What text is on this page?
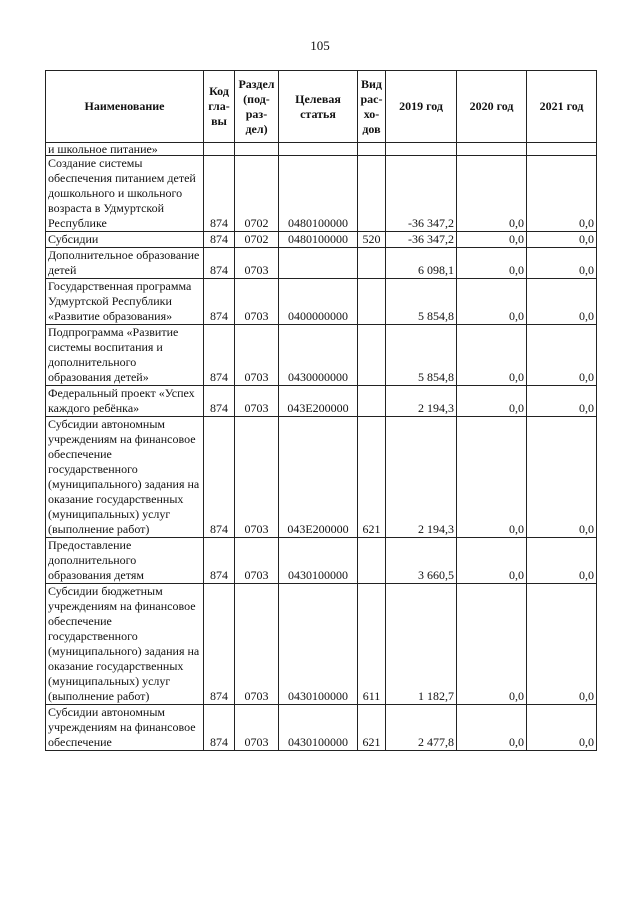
105
Наименование	Код гла-вы	Раздел (под-раз-дел)	Целевая статья	Вид рас-хо-дов	2019 год	2020 год	2021 год
и школьное питание»							
Создание системы обеспечения питанием детей дошкольного и школьного возраста в Удмуртской Республике	874	0702	0480100000		-36 347,2	0,0	0,0
Субсидии	874	0702	0480100000	520	-36 347,2	0,0	0,0
Дополнительное образование детей	874	0703			6 098,1	0,0	0,0
Государственная программа Удмуртской Республики «Развитие образования»	874	0703	0400000000		5 854,8	0,0	0,0
Подпрограмма «Развитие системы воспитания и дополнительного образования детей»	874	0703	0430000000		5 854,8	0,0	0,0
Федеральный проект «Успех каждого ребёнка»	874	0703	043E200000		2 194,3	0,0	0,0
Субсидии автономным учреждениям на финансовое обеспечение государственного (муниципального) задания на оказание государственных (муниципальных) услуг (выполнение работ)	874	0703	043E200000	621	2 194,3	0,0	0,0
Предоставление дополнительного образования детям	874	0703	0430100000		3 660,5	0,0	0,0
Субсидии бюджетным учреждениям на финансовое обеспечение государственного (муниципального) задания на оказание государственных (муниципальных) услуг (выполнение работ)	874	0703	0430100000	611	1 182,7	0,0	0,0
Субсидии автономным учреждениям на финансовое обеспечение	874	0703	0430100000	621	2 477,8	0,0	0,0
